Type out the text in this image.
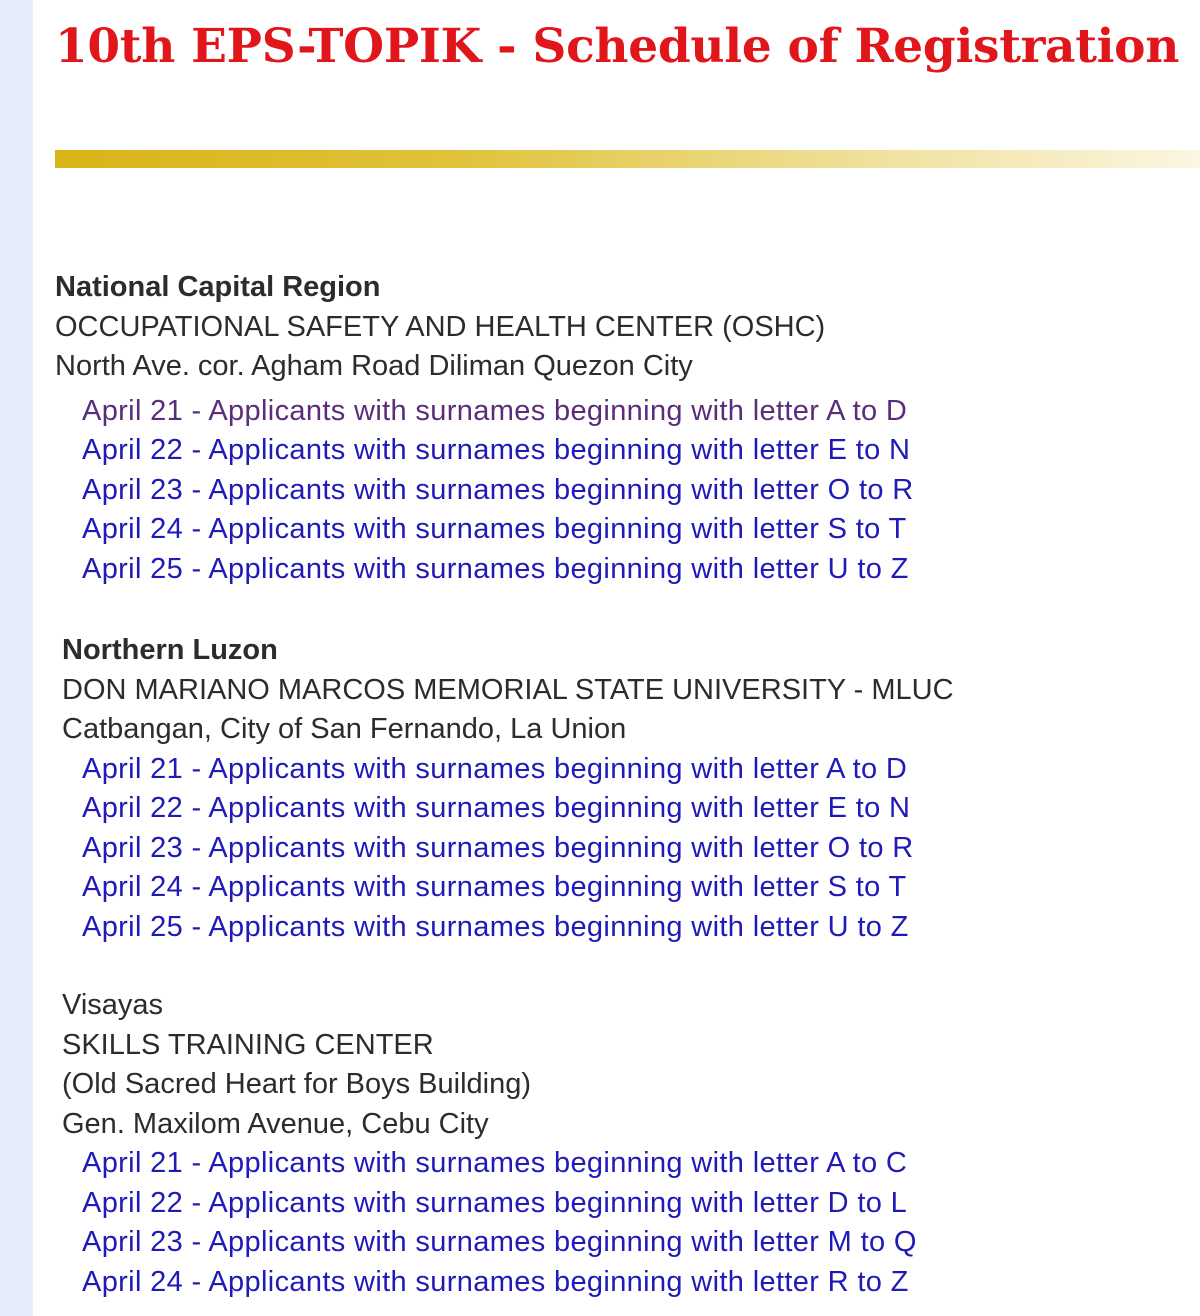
10th EPS-TOPIK - Schedule of Registration
National Capital Region
OCCUPATIONAL SAFETY AND HEALTH CENTER (OSHC)
North Ave. cor. Agham Road Diliman Quezon City
April 21 - Applicants with surnames beginning with letter A to D
April 22 - Applicants with surnames beginning with letter E to N
April 23 - Applicants with surnames beginning with letter O to R
April 24 - Applicants with surnames beginning with letter S to T
April 25 - Applicants with surnames beginning with letter U to Z
Northern Luzon
DON MARIANO MARCOS MEMORIAL STATE UNIVERSITY - MLUC
Catbangan, City of San Fernando, La Union
April 21 - Applicants with surnames beginning with letter A to D
April 22 - Applicants with surnames beginning with letter E to N
April 23 - Applicants with surnames beginning with letter O to R
April 24 - Applicants with surnames beginning with letter S to T
April 25 - Applicants with surnames beginning with letter U to Z
Visayas
SKILLS TRAINING CENTER
(Old Sacred Heart for Boys Building)
Gen. Maxilom Avenue, Cebu City
April 21 - Applicants with surnames beginning with letter A to C
April 22 - Applicants with surnames beginning with letter D to L
April 23 - Applicants with surnames beginning with letter M to Q
April 24 - Applicants with surnames beginning with letter R to Z
